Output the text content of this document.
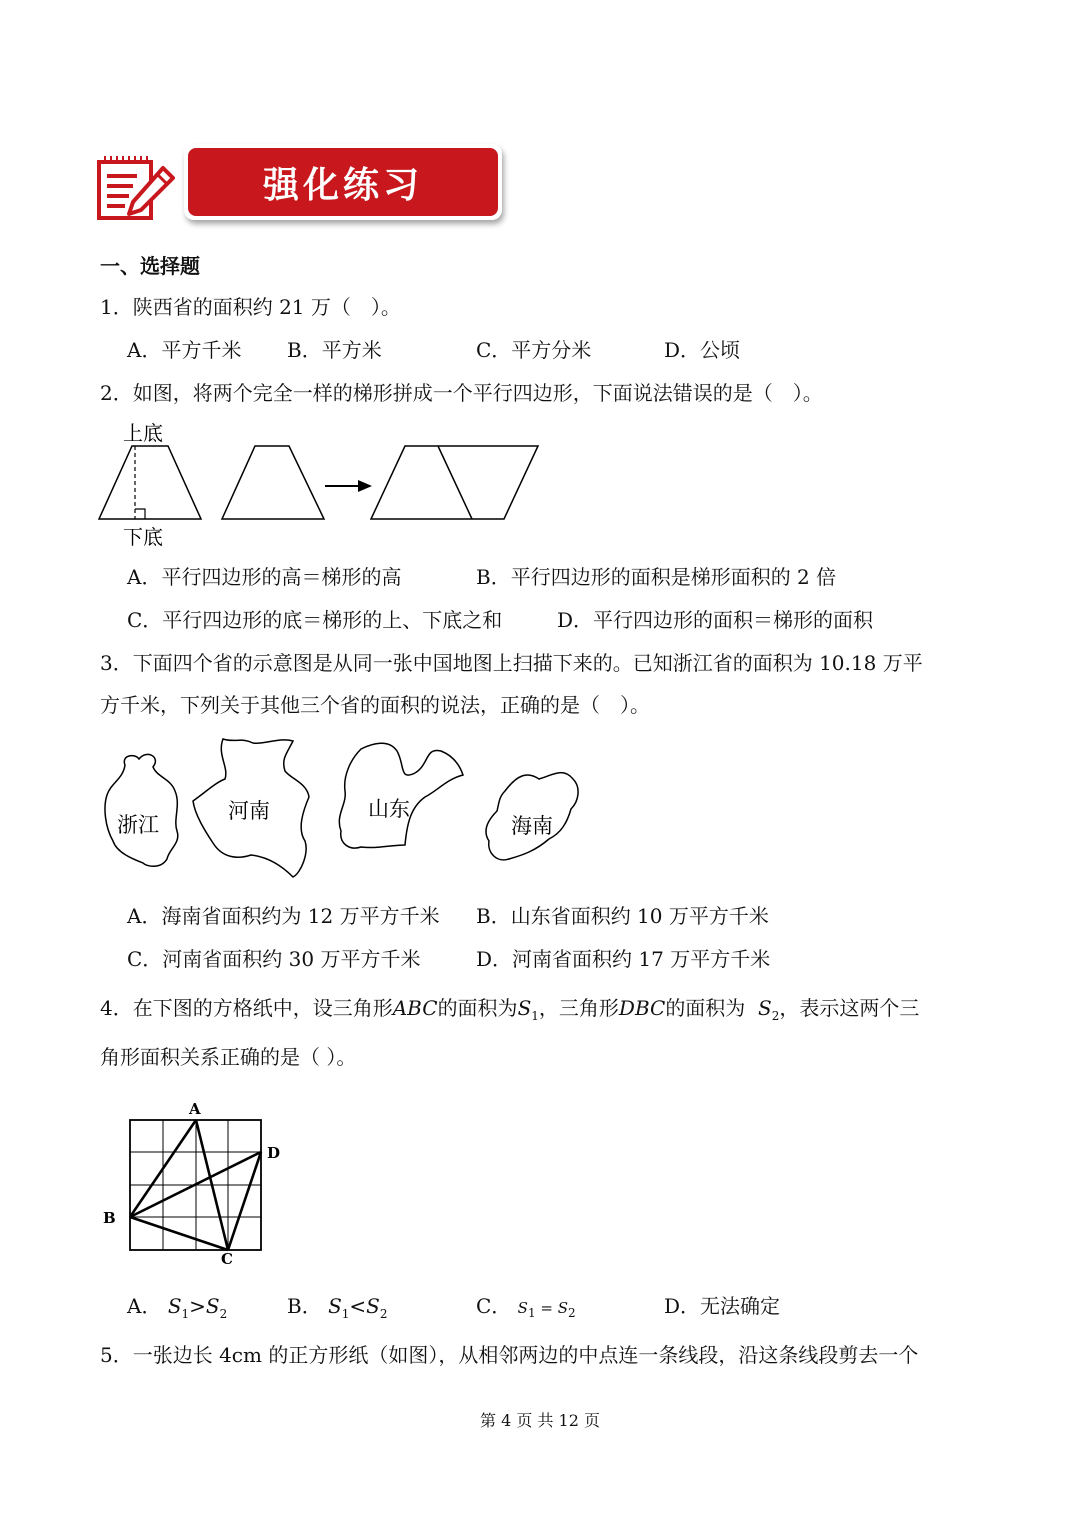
强化练习
一、选择题
1．陕西省的面积约 21 万（　）。
A．平方千米 B．平方米	C．平方分米	D．公顷
2．如图，将两个完全一样的梯形拼成一个平行四边形，下面说法错误的是（　）。
上底
下底
A．平行四边形的高＝梯形的高	B．平行四边形的面积是梯形面积的 2 倍
C．平行四边形的底＝梯形的上、下底之和	D．平行四边形的面积＝梯形的面积
3．下面四个省的示意图是从同一张中国地图上扫描下来的。已知浙江省的面积为 10.18 万平
方千米，下列关于其他三个省的面积的说法，正确的是（　）。
浙江
河南	山东
海南
A．海南省面积约为 12 万平方千米 B．山东省面积约 10 万平方千米
C．河南省面积约 30 万平方千米	D．河南省面积约 17 万平方千米
4．在下图的方格纸中，设三角形ABC的面积为$S_1$，三角形DBC的面积为 $S_2$，表示这两个三
角形面积关系正确的是（ ）。
A
B
C
D
A． $S_1>S_2$	B． $S_1<S_2$	C． $S_1 = S_2$	D．无法确定
5．一张边长 4cm 的正方形纸（如图），从相邻两边的中点连一条线段，沿这条线段剪去一个
第 4 页 共 12 页
